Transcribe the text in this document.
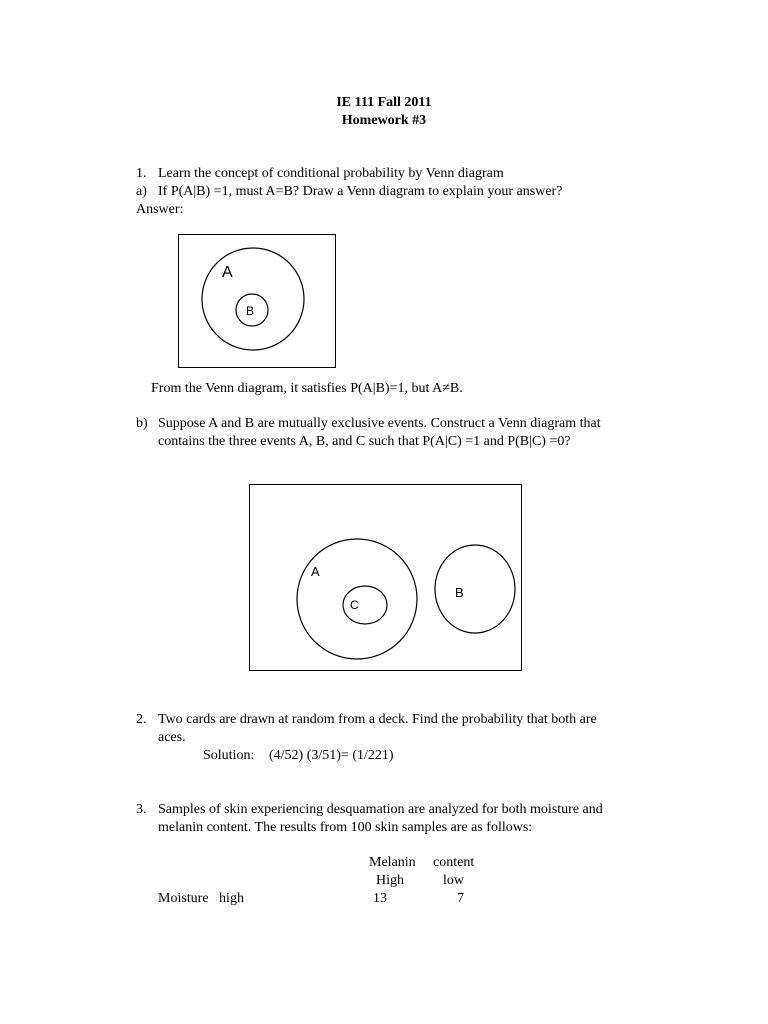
IE 111 Fall 2011
Homework #3
1. Learn the concept of conditional probability by Venn diagram
a) If P(A|B) =1, must A=B? Draw a Venn diagram to explain your answer?
Answer:
A
B
From the Venn diagram, it satisfies P(A|B)=1, but A≠B.
b) Suppose A and B are mutually exclusive events. Construct a Venn diagram that
contains the three events A, B, and C such that P(A|C) =1 and P(B|C) =0?
A
C
B
2. Two cards are drawn at random from a deck. Find the probability that both are
aces.
Solution: (4/52) (3/51)= (1/221)
3. Samples of skin experiencing desquamation are analyzed for both moisture and
melanin content. The results from 100 skin samples are as follows:
Melanin content
High	low
Moisture   high	13	7
